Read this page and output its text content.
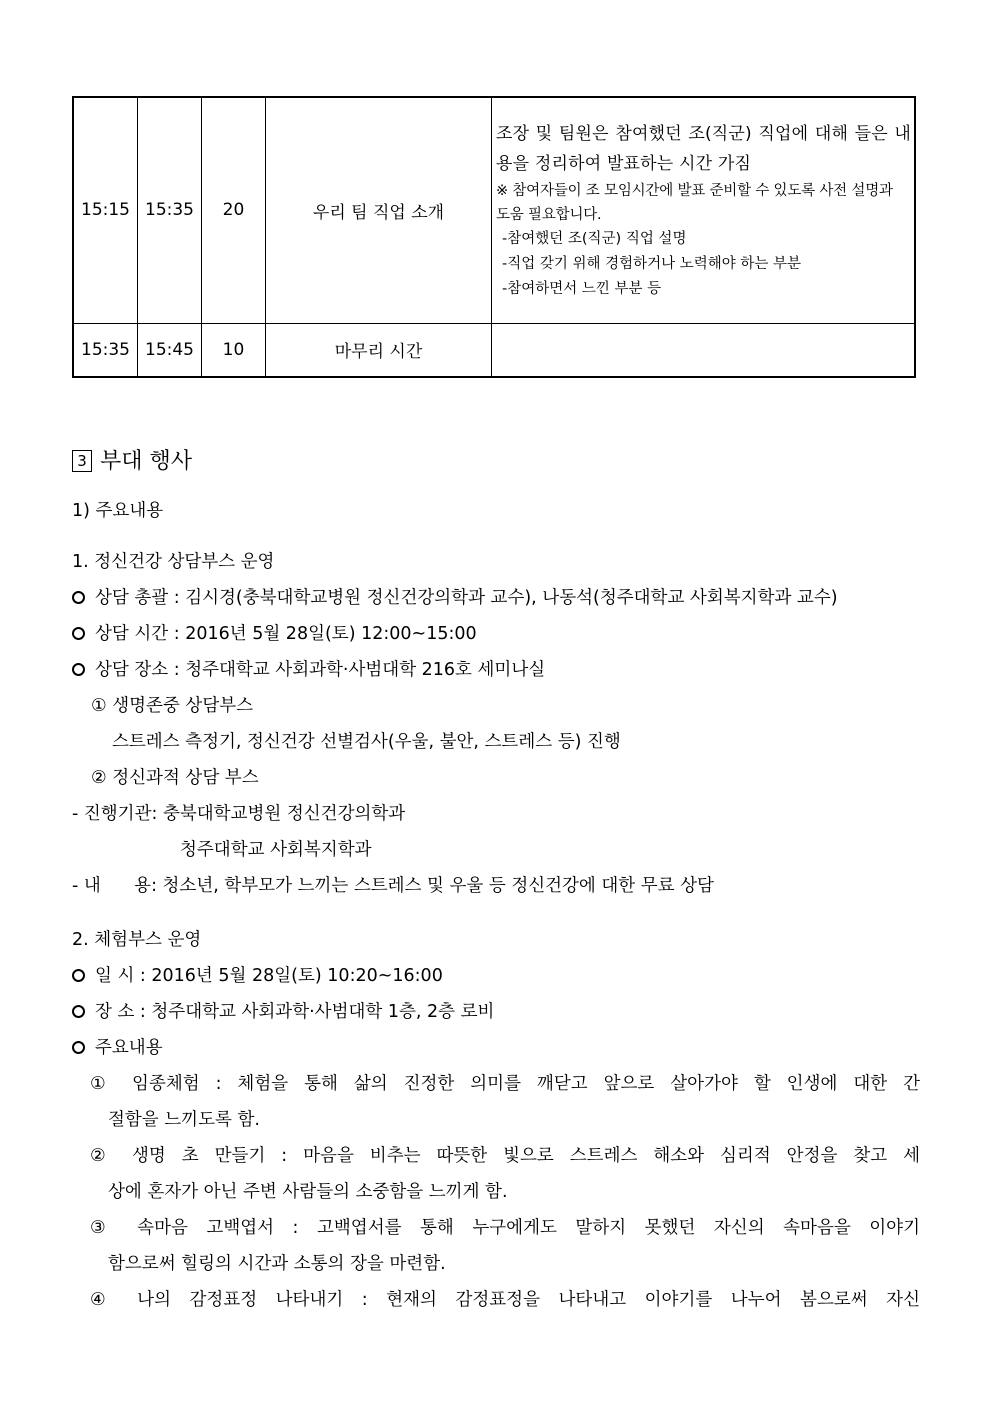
15:15	15:35	20	우리 팀 직업 소개	조장 및 팀원은 참여했던 조(직군) 직업에 대해 들은 내용을 정리하여 발표하는 시간 가짐
※ 참여자들이 조 모임시간에 발표 준비할 수 있도록 사전 설명과 도움 필요합니다.
-참여했던 조(직군) 직업 설명
-직업 갖기 위해 경험하거나 노력해야 하는 부분
-참여하면서 느낀 부분 등

15:35	15:45	10	마무리 시간	
3 부대 행사
1) 주요내용
1. 정신건강 상담부스 운영
상담 총괄 : 김시경(충북대학교병원 정신건강의학과 교수), 나동석(청주대학교 사회복지학과 교수)
상담 시간 : 2016년 5월 28일(토) 12:00~15:00
상담 장소 : 청주대학교 사회과학·사범대학 216호 세미나실
① 생명존중 상담부스
스트레스 측정기, 정신건강 선별검사(우울, 불안, 스트레스 등) 진행
② 정신과적 상담 부스
- 진행기관: 충북대학교병원 정신건강의학과
청주대학교 사회복지학과
- 내      용: 청소년, 학부모가 느끼는 스트레스 및 우울 등 정신건강에 대한 무료 상담
2. 체험부스 운영
일 시 : 2016년 5월 28일(토) 10:20~16:00
장 소 : 청주대학교 사회과학·사범대학 1층, 2층 로비
주요내용
① 임종체험 : 체험을 통해 삶의 진정한 의미를 깨닫고 앞으로 살아가야 할 인생에 대한 간
절함을 느끼도록 함.
② 생명 초 만들기 : 마음을 비추는 따뜻한 빛으로 스트레스 해소와 심리적 안정을 찾고 세
상에 혼자가 아닌 주변 사람들의 소중함을 느끼게 함.
③ 속마음 고백엽서 : 고백엽서를 통해 누구에게도 말하지 못했던 자신의 속마음을 이야기
함으로써 힐링의 시간과 소통의 장을 마련함.
④ 나의 감정표정 나타내기 : 현재의 감정표정을 나타내고 이야기를 나누어 봄으로써 자신
